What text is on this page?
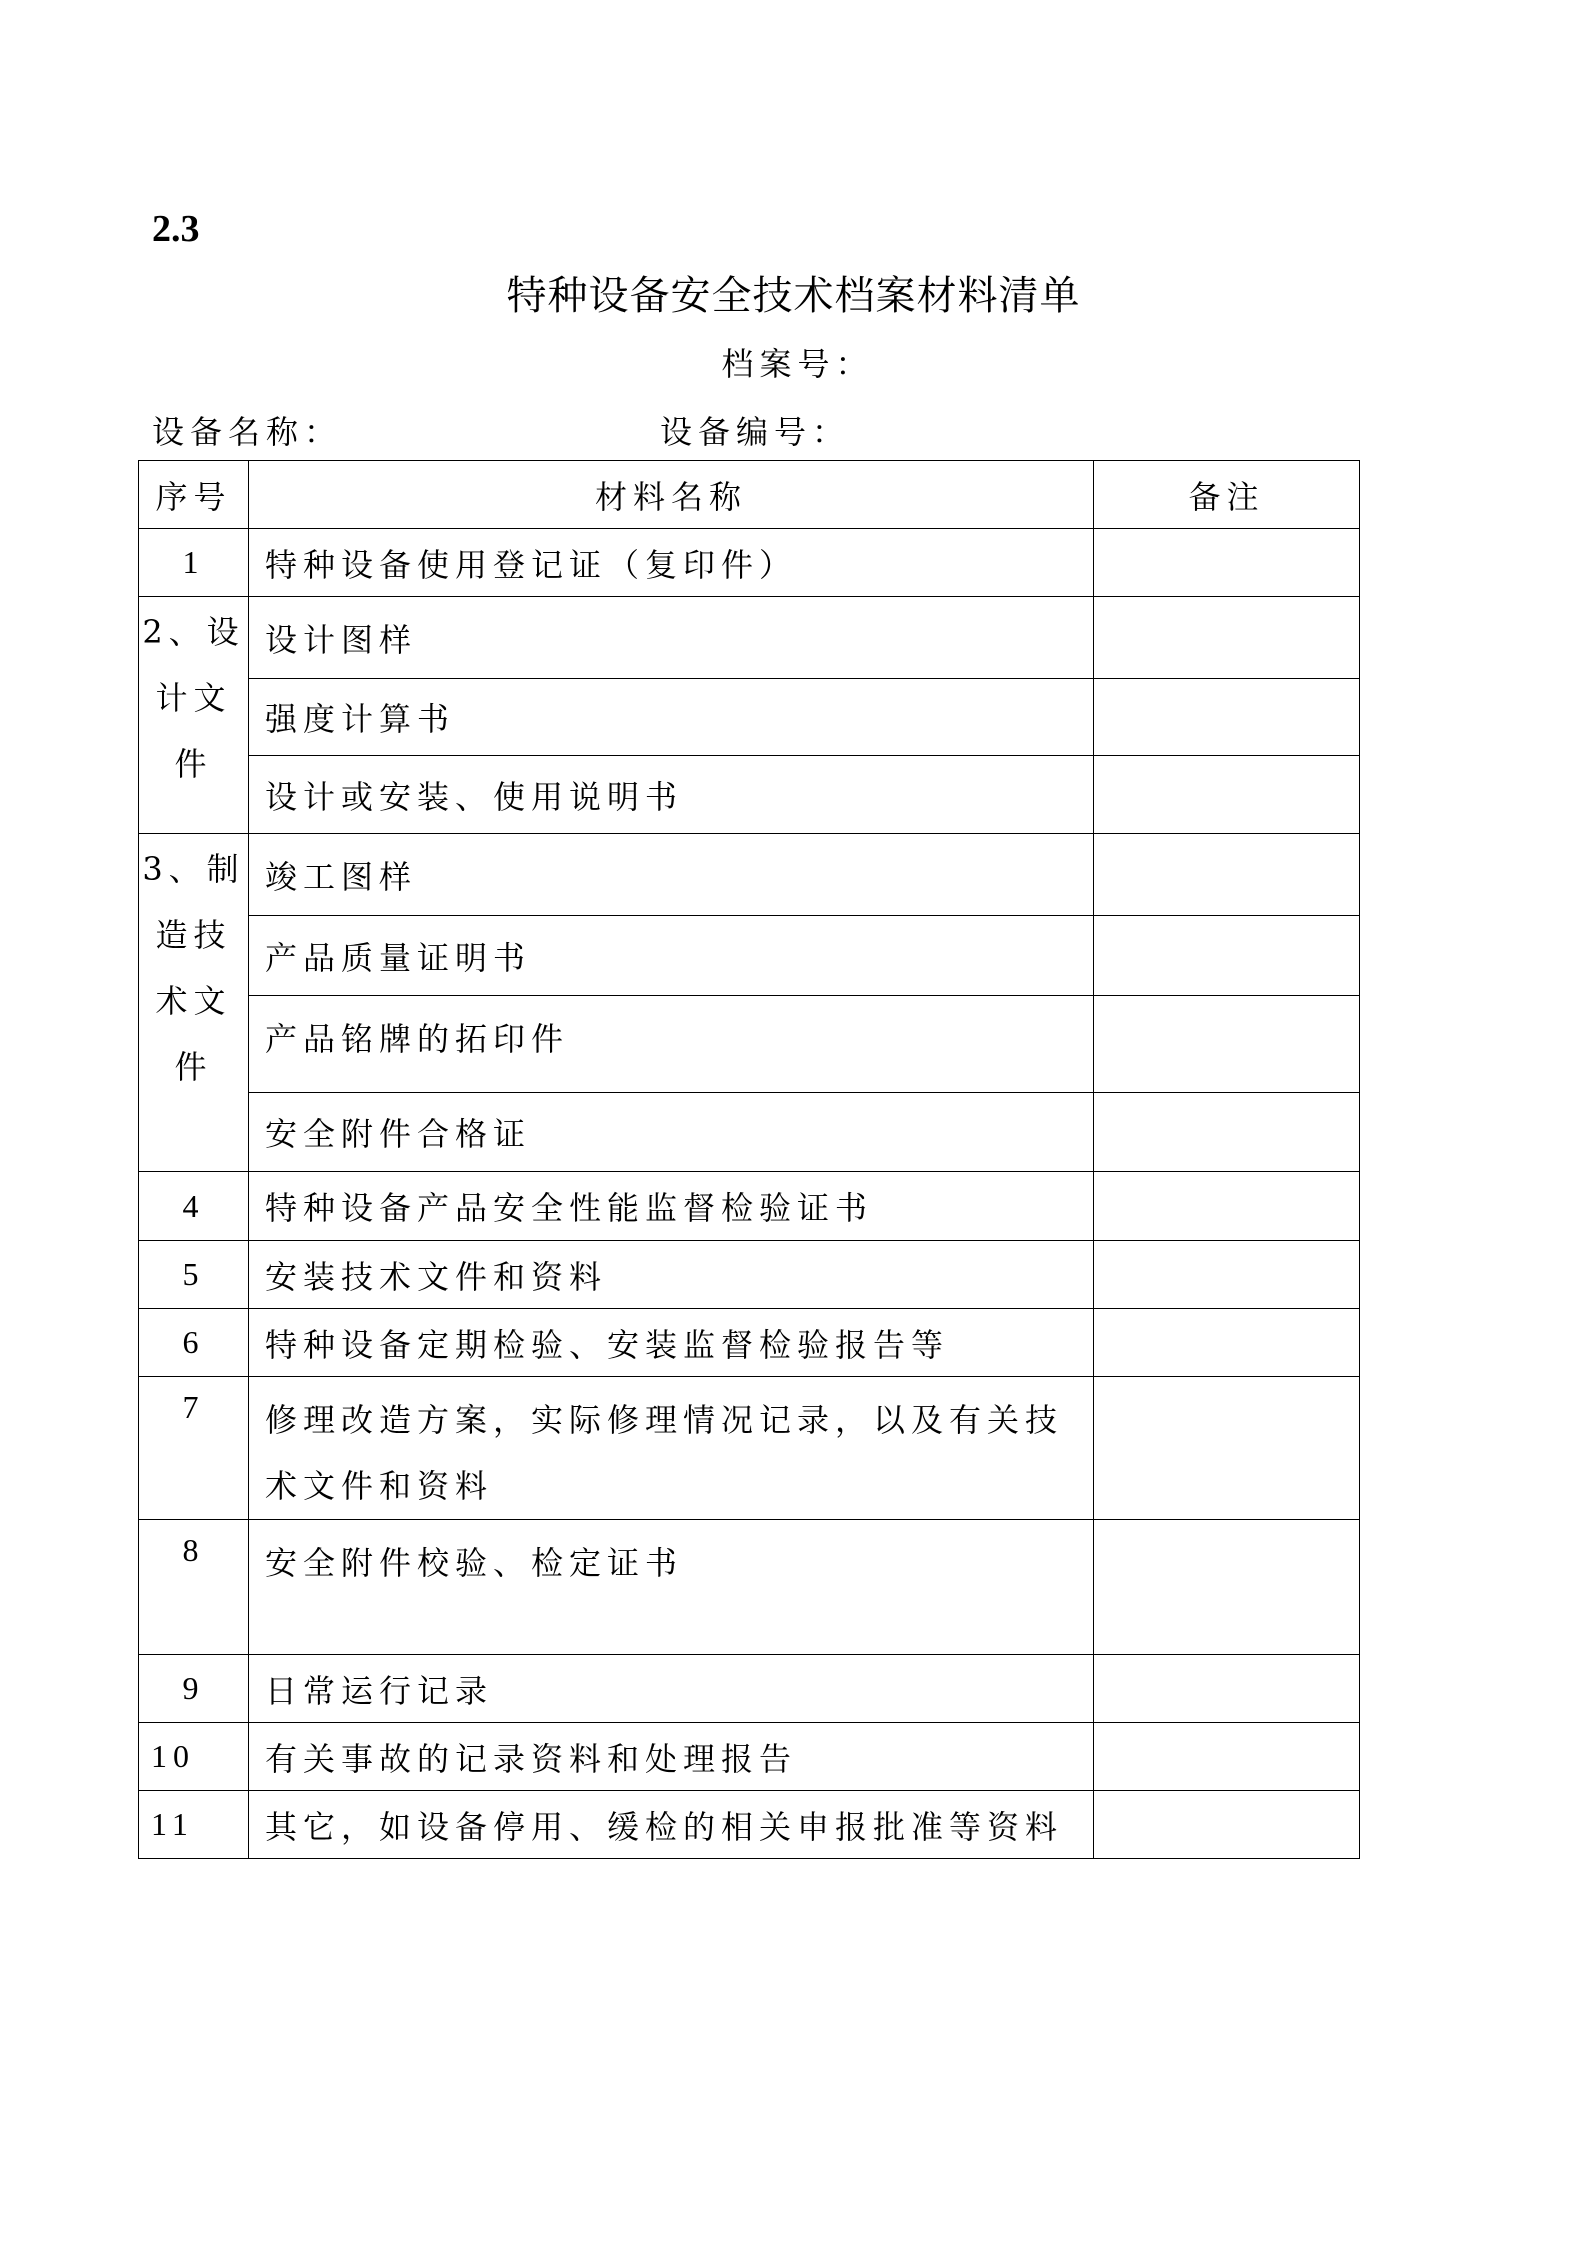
2.3
特种设备安全技术档案材料清单
档案号：
设备名称：	设备编号：
序号	材料名称	备注
1	特种设备使用登记证（复印件）	

2、设
计文
件	设计图样	
	强度计算书	
	设计或安装、使用说明书	

3、制
造技
术文
件	竣工图样	
	产品质量证明书	
	产品铭牌的拓印件	
	安全附件合格证	
4	特种设备产品安全性能监督检验证书	
5	安装技术文件和资料	
6	特种设备定期检验、安装监督检验报告等	
7	修理改造方案，实际修理情况记录，以及有关技术文件和资料	
8	安全附件校验、检定证书	
9	日常运行记录	
10	有关事故的记录资料和处理报告	
11	其它，如设备停用、缓检的相关申报批准等资料	
